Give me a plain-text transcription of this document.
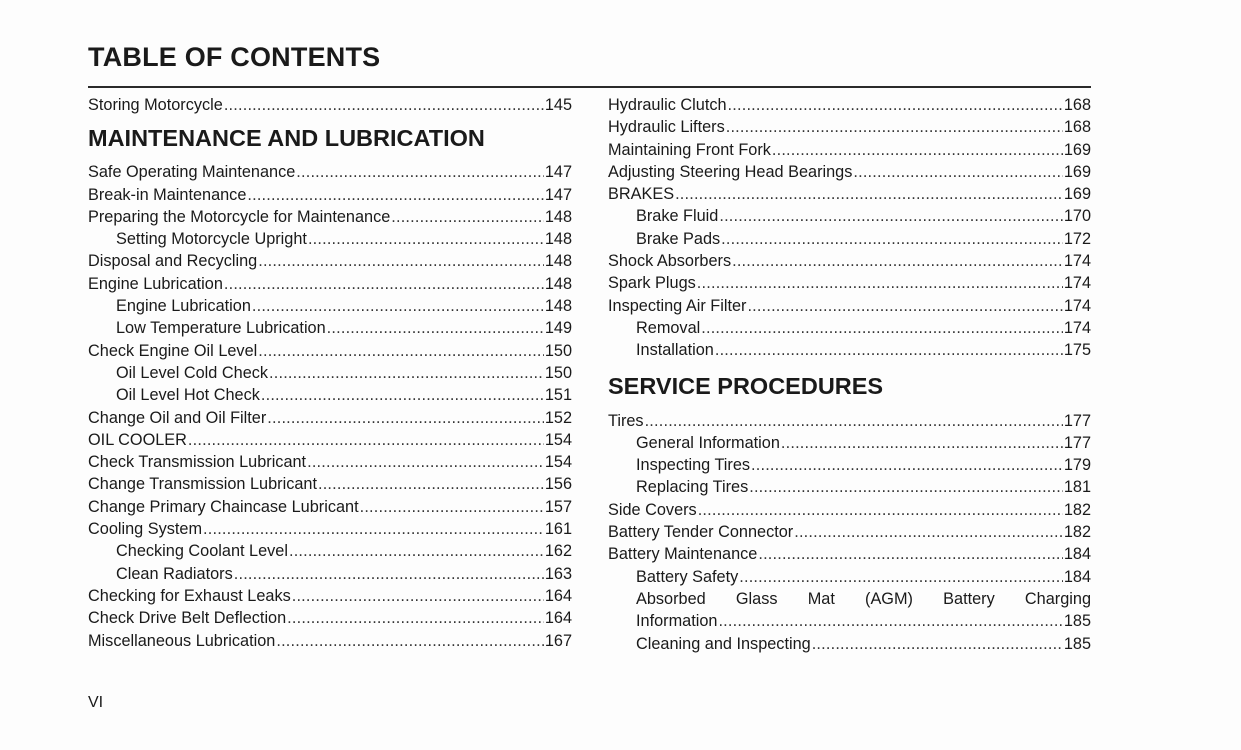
TABLE OF CONTENTS
Storing Motorcycle .....	145
MAINTENANCE AND LUBRICATION
Safe Operating Maintenance .....	147
Break-in Maintenance .....	147
Preparing the Motorcycle for Maintenance .....	148
Setting Motorcycle Upright .....	148
Disposal and Recycling .....	148
Engine Lubrication .....	148
Engine Lubrication .....	148
Low Temperature Lubrication .....	149
Check Engine Oil Level .....	150
Oil Level Cold Check .....	150
Oil Level Hot Check .....	151
Change Oil and Oil Filter .....	152
OIL COOLER .....	154
Check Transmission Lubricant .....	154
Change Transmission Lubricant .....	156
Change Primary Chaincase Lubricant .....	157
Cooling System .....	161
Checking Coolant Level .....	162
Clean Radiators .....	163
Checking for Exhaust Leaks .....	164
Check Drive Belt Deflection .....	164
Miscellaneous Lubrication .....	167
Hydraulic Clutch .....	168
Hydraulic Lifters .....	168
Maintaining Front Fork .....	169
Adjusting Steering Head Bearings .....	169
BRAKES .....	169
Brake Fluid .....	170
Brake Pads .....	172
Shock Absorbers .....	174
Spark Plugs .....	174
Inspecting Air Filter .....	174
Removal .....	174
Installation .....	175
SERVICE PROCEDURES
Tires .....	177
General Information .....	177
Inspecting Tires .....	179
Replacing Tires .....	181
Side Covers .....	182
Battery Tender Connector .....	182
Battery Maintenance .....	184
Battery Safety .....	184
Absorbed Glass Mat (AGM) Battery Charging
Information .....	185
Cleaning and Inspecting .....	185
VI
